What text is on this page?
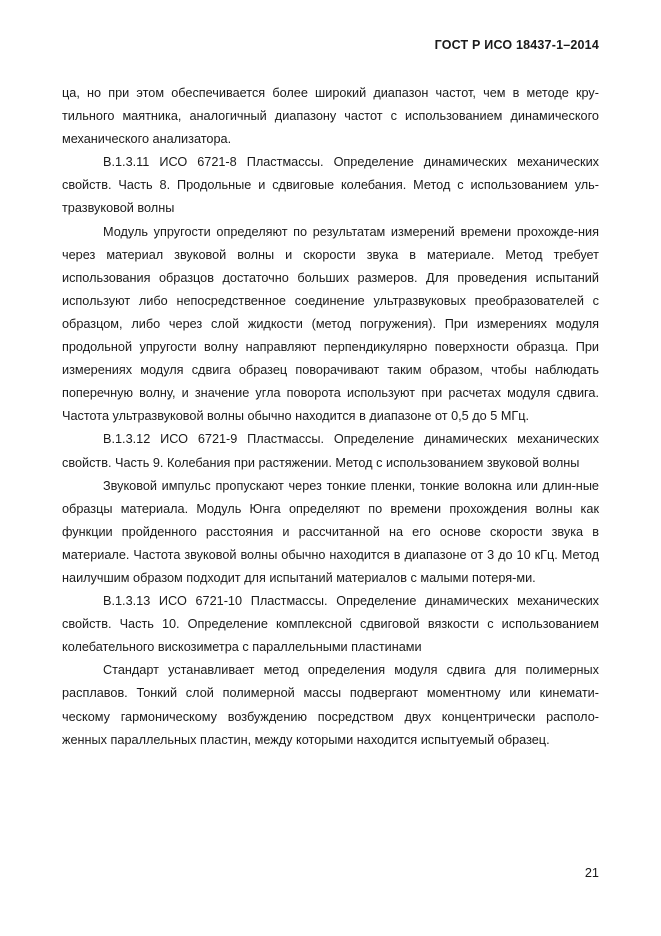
ГОСТ Р ИСО 18437-1–2014

ца, но при этом обеспечивается более широкий диапазон частот, чем в методе кру-тильного маятника, аналогичный диапазону частот с использованием динамического механического анализатора.

В.1.3.11 ИСО 6721-8 Пластмассы. Определение динамических механических свойств. Часть 8. Продольные и сдвиговые колебания. Метод с использованием уль-тразвуковой волны

Модуль упругости определяют по результатам измерений времени прохожде-ния через материал звуковой волны и скорости звука в материале. Метод требует использования образцов достаточно больших размеров. Для проведения испытаний используют либо непосредственное соединение ультразвуковых преобразователей с образцом, либо через слой жидкости (метод погружения). При измерениях модуля продольной упругости волну направляют перпендикулярно поверхности образца. При измерениях модуля сдвига образец поворачивают таким образом, чтобы наблюдать поперечную волну, и значение угла поворота используют при расчетах модуля сдвига. Частота ультразвуковой волны обычно находится в диапазоне от 0,5 до 5 МГц.

В.1.3.12 ИСО 6721-9 Пластмассы. Определение динамических механических свойств. Часть 9. Колебания при растяжении. Метод с использованием звуковой волны

Звуковой импульс пропускают через тонкие пленки, тонкие волокна или длин-ные образцы материала. Модуль Юнга определяют по времени прохождения волны как функции пройденного расстояния и рассчитанной на его основе скорости звука в материале. Частота звуковой волны обычно находится в диапазоне от 3 до 10 кГц. Метод наилучшим образом подходит для испытаний материалов с малыми потеря-ми.

В.1.3.13 ИСО 6721-10 Пластмассы. Определение динамических механических свойств. Часть 10. Определение комплексной сдвиговой вязкости с использованием колебательного вискозиметра с параллельными пластинами

Стандарт устанавливает метод определения модуля сдвига для полимерных расплавов. Тонкий слой полимерной массы подвергают моментному или кинемати-ческому гармоническому возбуждению посредством двух концентрически располо-женных параллельных пластин, между которыми находится испытуемый образец.

21
